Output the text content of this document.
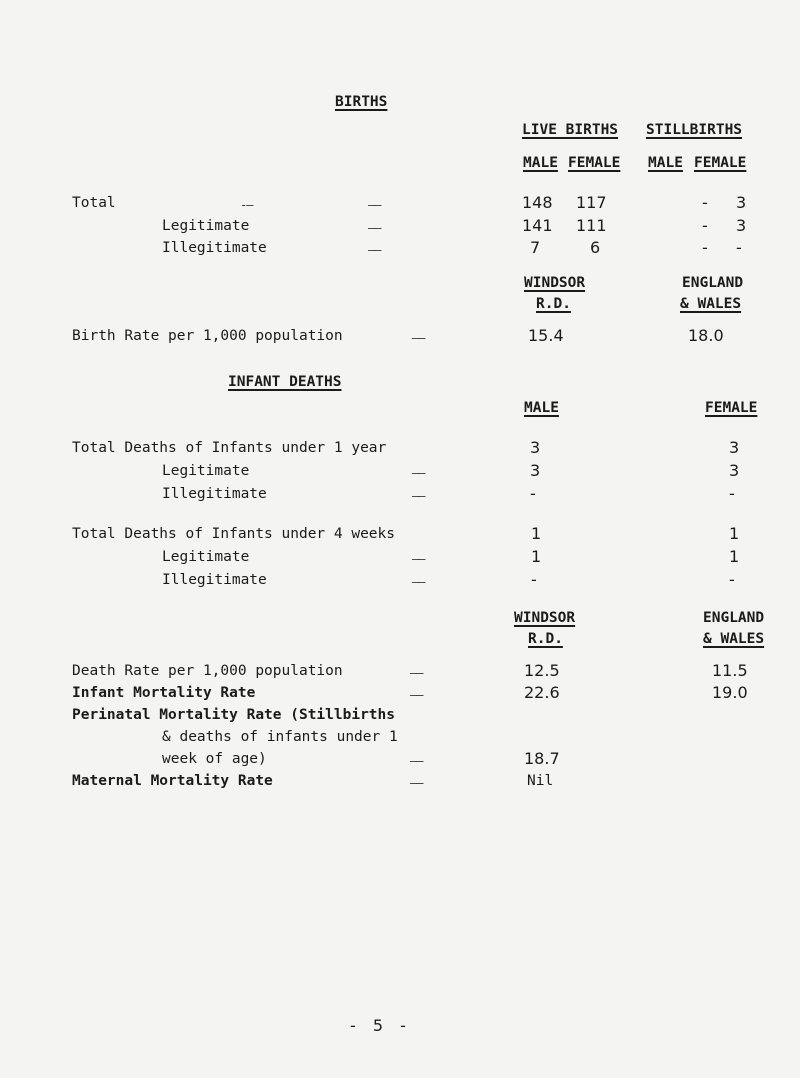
BIRTHS
LIVE BIRTHS STILLBIRTHS
MALE FEMALE MALE FEMALE
Total	-—	——	148 117	- 3
Legitimate	——	141 111	- 3
Illegitimate	——	7	6	- -
WINDSOR
R.D.
ENGLAND
& WALES
Birth Rate per 1,000 population	——	15.4	18.0
INFANT DEATHS
MALE	FEMALE
Total Deaths of Infants under 1 year	3	3
Legitimate	——	3	3
Illegitimate	——	-	-
Total Deaths of Infants under 4 weeks	1	1
Legitimate	——	1	1
Illegitimate	——	-	-
WINDSOR
R.D.
ENGLAND
& WALES
Death Rate per 1,000 population	——	12.5	11.5
Infant Mortality Rate	——	22.6	19.0
Perinatal Mortality Rate (Stillbirths
& deaths of infants under 1
week of age)	——	18.7
Maternal Mortality Rate	——	Nil
- 5 -
